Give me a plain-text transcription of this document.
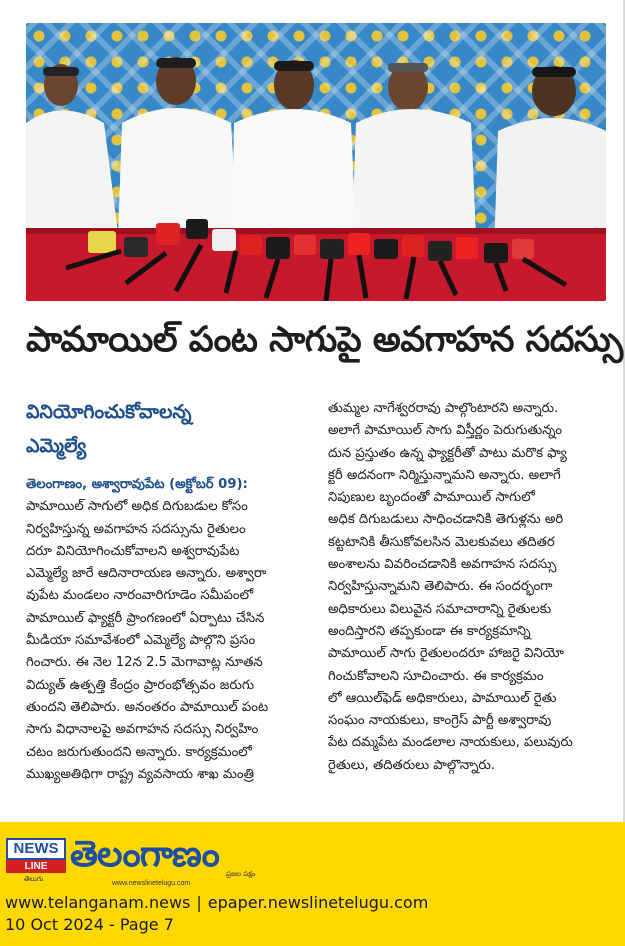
పామాయిల్ పంట సాగుపై అవగాహన సదస్సు
వినియోగించుకోవాలన్న
ఎమ్మెల్యే
తెలంగాణం, అశ్వారావుపేట (అక్టోబర్ 09):
పామాయిల్ సాగులో అధిక దిగుబడుల కోసం
నిర్వహిస్తున్న అవగాహన సదస్సును రైతులం
దరూ వినియోగించుకోవాలని అశ్వరావుపేట
ఎమ్మెల్యే జారే ఆదినారాయణ అన్నారు. అశ్వారా
వుపేట మండలం నారంవారిగూడెం సమీపంలో
పామాయిల్ ఫ్యాక్టరీ ప్రాంగణంలో ఏర్పాటు చేసిన
మీడియా సమావేశంలో ఎమ్మెల్యే పాల్గొని ప్రసం
గించారు. ఈ నెల 12న 2.5 మెగావాట్ల నూతన
విద్యుత్ ఉత్పత్తి కేంద్రం ప్రారంభోత్సవం జరుగు
తుందని తెలిపారు. అనంతరం పామాయిల్ పంట
సాగు విధానాలపై అవగాహన సదస్సు నిర్వహిం
చటం జరుగుతుందని అన్నారు. కార్యక్రమంలో
ముఖ్యఅతిథిగా రాష్ట్ర వ్యవసాయ శాఖ మంత్రి
తుమ్మల నాగేశ్వరరావు పాల్గొంటారని అన్నారు.
అలాగే పామాయిల్ సాగు విస్తీర్ణం పెరుగుతున్నం
దున ప్రస్తుతం ఉన్న ఫ్యాక్టరీతో పాటు మరొక ఫ్యా
క్టరీ అదనంగా నిర్మిస్తున్నామని అన్నారు. అలాగే
నిపుణుల బృందంతో పామాయిల్ సాగులో
అధిక దిగుబడులు సాధించడానికి తెగుళ్లను అరి
కట్టటానికి తీసుకోవలసిన మెలకువలు తదితర
అంశాలను వివరించడానికి అవగాహన సదస్సు
నిర్వహిస్తున్నామని తెలిపారు. ఈ సందర్భంగా
అధికారులు విలువైన సమాచారాన్ని రైతులకు
అందిస్తారని తప్పకుండా ఈ కార్యక్రమాన్ని
పామాయిల్ సాగు రైతులందరూ హాజరై వినియో
గించుకోవాలని సూచించారు. ఈ కార్యక్రమం
లో ఆయిల్‌ఫెడ్ అధికారులు, పామాయిల్ రైతు
సంఘం నాయకులు, కాంగ్రెస్ పార్టీ అశ్వారావు
పేట దమ్మపేట మండలాల నాయకులు, పలువురు
రైతులు, తదితరులు పాల్గొన్నారు.
NEWS
LINE
తెలుగు
తెలంగాణం ప్రజల పక్షం
www.newslinetelugu.com
www.telanganam.news | epaper.newslinetelugu.com
10 Oct 2024 - Page 7
